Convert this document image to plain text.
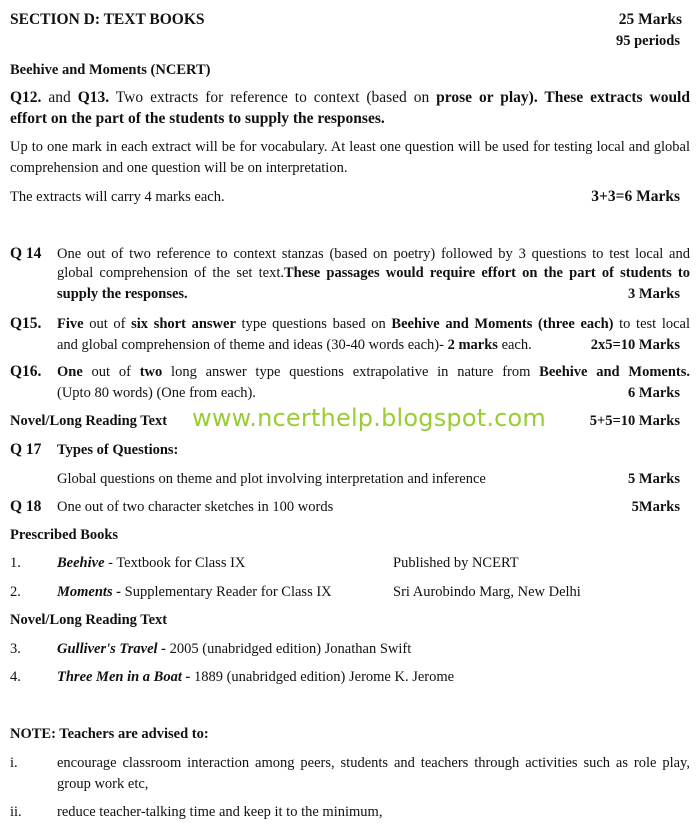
SECTION D: TEXT BOOKS	25 Marks
95 periods
Beehive and Moments (NCERT)
Q12. and Q13. Two extracts for reference to context (based on prose or play). These extracts would
effort on the part of the students to supply the responses.
Up to one mark in each extract will be for vocabulary. At least one question will be used for testing local and global
comprehension and one question will be on interpretation.
The extracts will carry 4 marks each.	3+3=6 Marks
Q 14 One out of two reference to context stanzas (based on poetry) followed by 3 questions to test local and
global comprehension of the set text.These passages would require effort on the part of students to
supply the responses.	3 Marks
Q15. Five out of six short answer type questions based on Beehive and Moments (three each) to test local
and global comprehension of theme and ideas (30-40 words each)- 2 marks each.	2x5=10 Marks
Q16. One out of two long answer type questions extrapolative in nature from Beehive and Moments.
(Upto 80 words) (One from each).	6 Marks
Novel/Long Reading Text www.ncerthelp.blogspot.com	5+5=10 Marks
Q 17 Types of Questions:
Global questions on theme and plot involving interpretation and inference	5 Marks
Q 18 One out of two character sketches in 100 words	5Marks
Prescribed Books
1. Beehive - Textbook for Class IX	Published by NCERT
2. Moments - Supplementary Reader for Class IX	Sri Aurobindo Marg, New Delhi
Novel/Long Reading Text
3. Gulliver's Travel - 2005 (unabridged edition) Jonathan Swift
4. Three Men in a Boat - 1889 (unabridged edition) Jerome K. Jerome
NOTE: Teachers are advised to:
i.	encourage classroom interaction among peers, students and teachers through activities such as role play,
group work etc,
ii. reduce teacher-talking time and keep it to the minimum,
